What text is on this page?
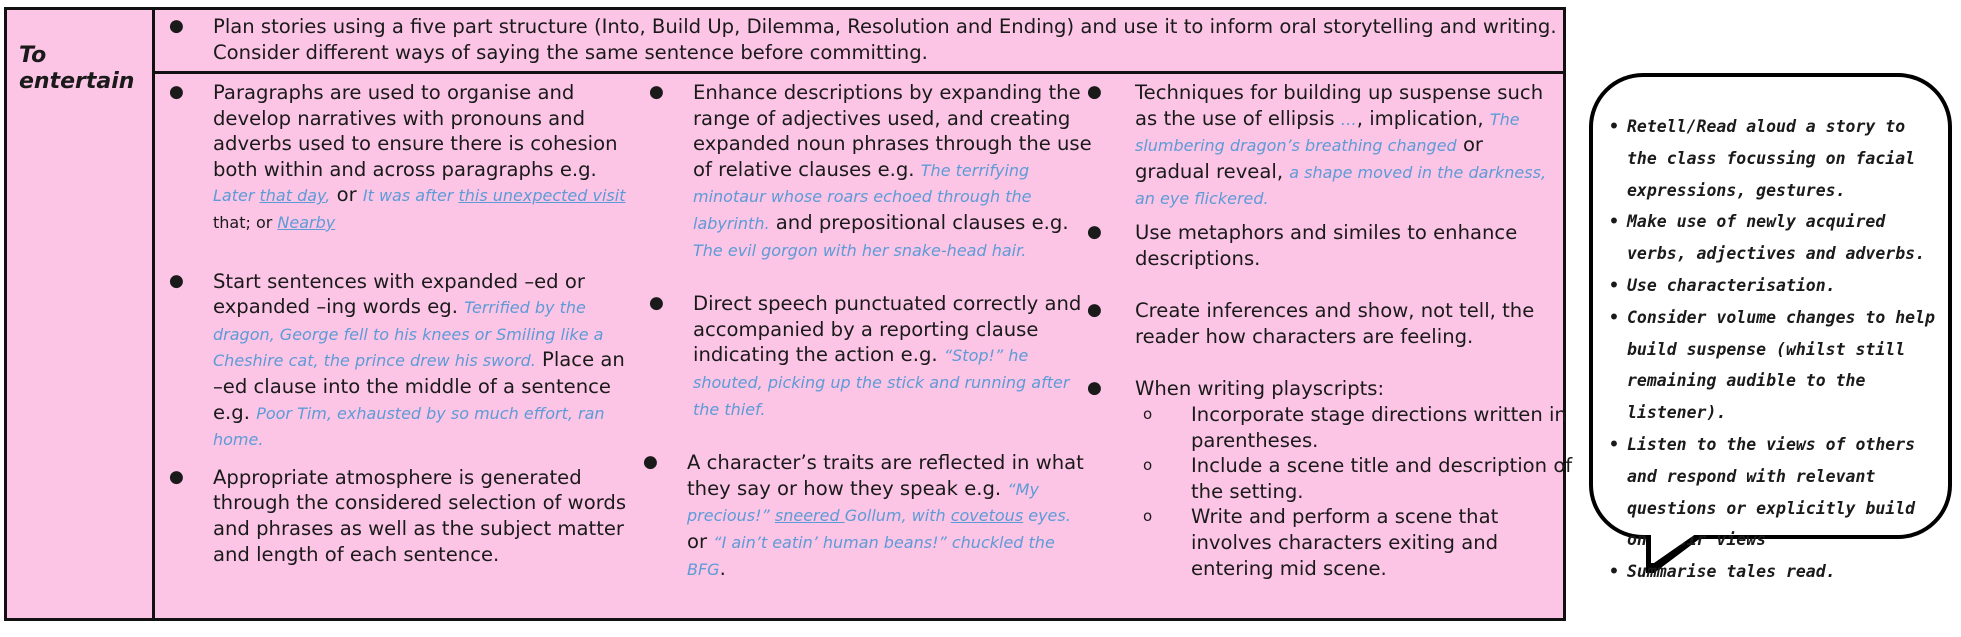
To
entertain
● Plan stories using a five part structure (Into, Build Up, Dilemma, Resolution and Ending) and use it to inform oral storytelling and writing. Consider different ways of saying the same sentence before committing.
● Paragraphs are used to organise and develop narratives with pronouns and adverbs used to ensure there is cohesion both within and across paragraphs e.g. Later that day, or It was after this unexpected visit that; or Nearby
● Start sentences with expanded –ed or expanded –ing words eg. Terrified by the dragon, George fell to his knees or Smiling like a Cheshire cat, the prince drew his sword. Place an –ed clause into the middle of a sentence e.g. Poor Tim, exhausted by so much effort, ran home.
● Appropriate atmosphere is generated through the considered selection of words and phrases as well as the subject matter and length of each sentence.
● Enhance descriptions by expanding the range of adjectives used, and creating expanded noun phrases through the use of relative clauses e.g. The terrifying minotaur whose roars echoed through the labyrinth. and prepositional clauses e.g. The evil gorgon with her snake-head hair.
● Direct speech punctuated correctly and accompanied by a reporting clause indicating the action e.g. “Stop!” he shouted, picking up the stick and running after the thief.
● A character’s traits are reflected in what they say or how they speak e.g. “My precious!” sneered Gollum, with covetous eyes. or “I ain’t eatin’ human beans!” chuckled the BFG.
● Techniques for building up suspense such as the use of ellipsis …, implication, The slumbering dragon’s breathing changed or gradual reveal, a shape moved in the darkness, an eye flickered.
● Use metaphors and similes to enhance descriptions.
● Create inferences and show, not tell, the reader how characters are feeling.
● When writing playscripts:
o Incorporate stage directions written in parentheses.
o Include a scene title and description of the setting.
o Write and perform a scene that involves characters exiting and entering mid scene.
• Retell/Read aloud a story to the class focussing on facial expressions, gestures.
• Make use of newly acquired verbs, adjectives and adverbs.
• Use characterisation.
• Consider volume changes to help build suspense (whilst still remaining audible to the listener).
• Listen to the views of others and respond with relevant questions or explicitly build on their views
• Summarise tales read.
